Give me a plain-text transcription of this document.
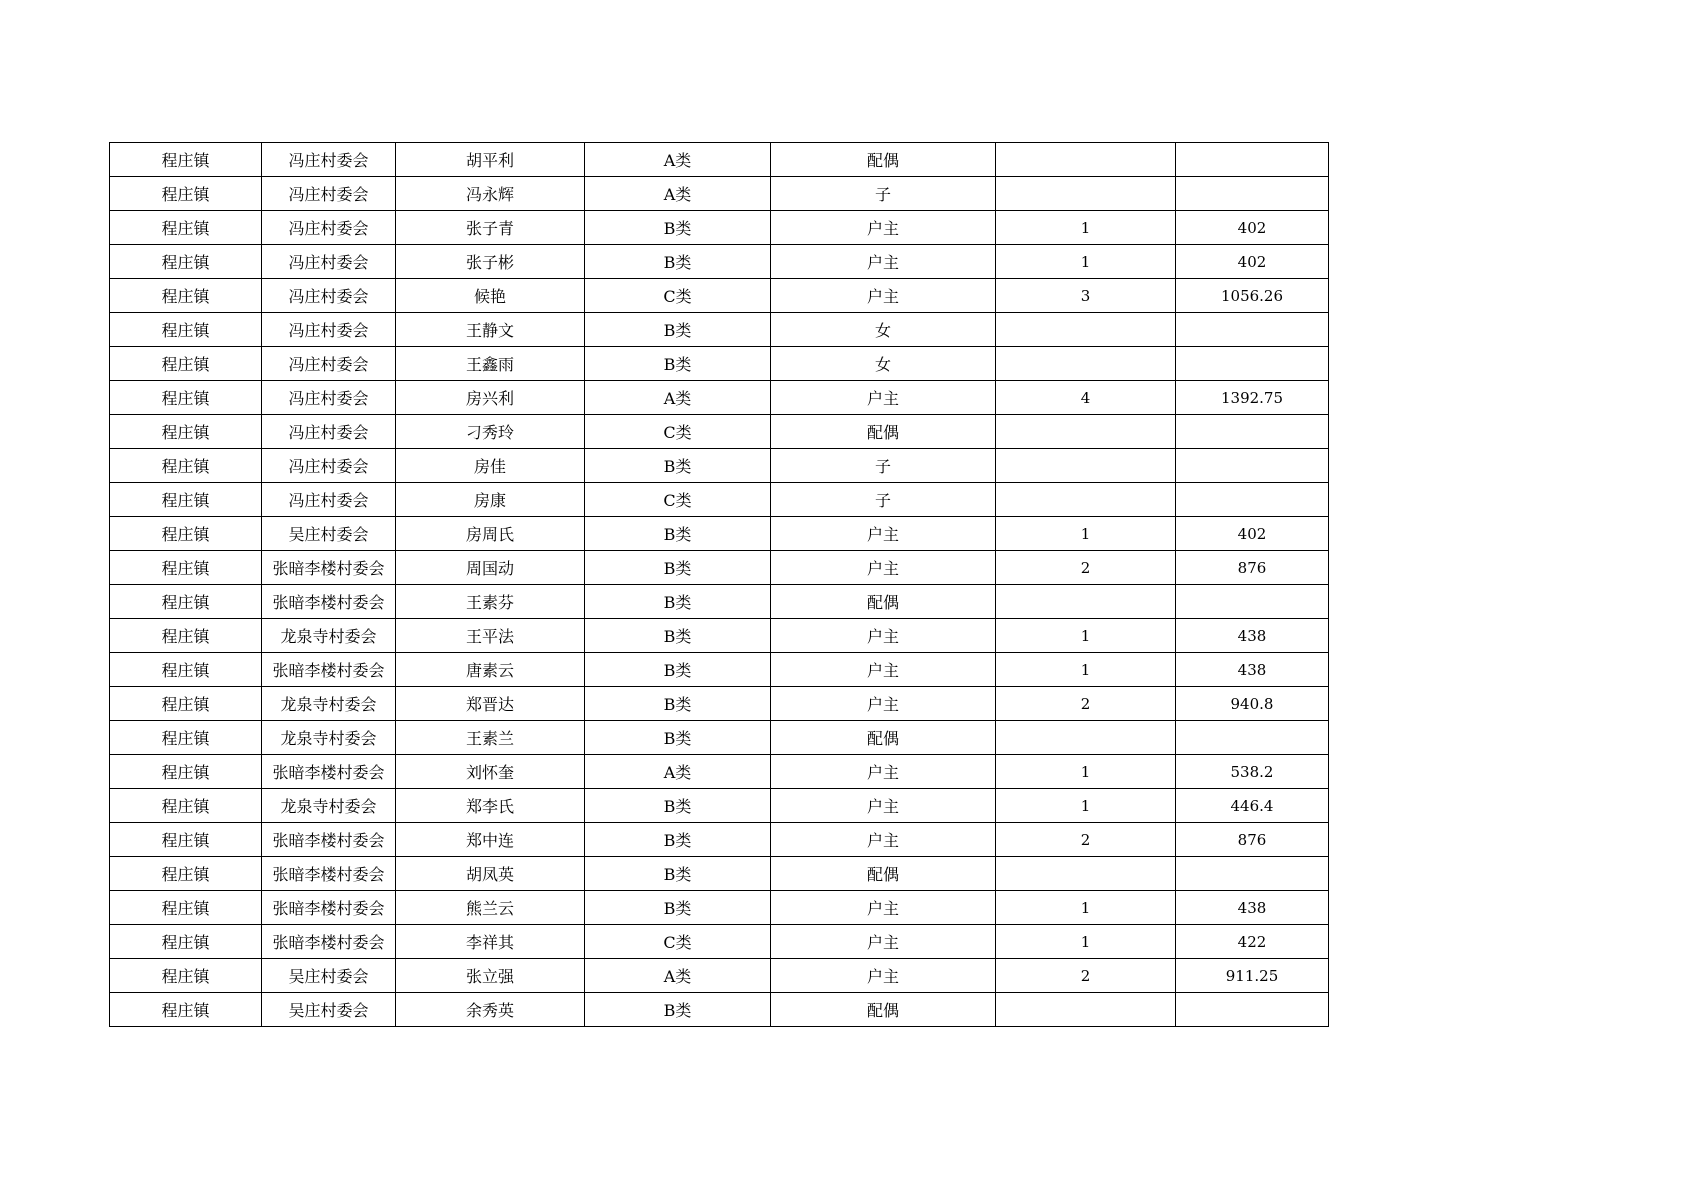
程庄镇	冯庄村委会	胡平利	A类	配偶		
程庄镇	冯庄村委会	冯永辉	A类	子		
程庄镇	冯庄村委会	张子青	B类	户主	1	402
程庄镇	冯庄村委会	张子彬	B类	户主	1	402
程庄镇	冯庄村委会	候艳	C类	户主	3	1056.26
程庄镇	冯庄村委会	王静文	B类	女		
程庄镇	冯庄村委会	王鑫雨	B类	女		
程庄镇	冯庄村委会	房兴利	A类	户主	4	1392.75
程庄镇	冯庄村委会	刁秀玲	C类	配偶		
程庄镇	冯庄村委会	房佳	B类	子		
程庄镇	冯庄村委会	房康	C类	子		
程庄镇	吴庄村委会	房周氏	B类	户主	1	402
程庄镇	张暗李楼村委会	周国动	B类	户主	2	876
程庄镇	张暗李楼村委会	王素芬	B类	配偶		
程庄镇	龙泉寺村委会	王平法	B类	户主	1	438
程庄镇	张暗李楼村委会	唐素云	B类	户主	1	438
程庄镇	龙泉寺村委会	郑晋达	B类	户主	2	940.8
程庄镇	龙泉寺村委会	王素兰	B类	配偶		
程庄镇	张暗李楼村委会	刘怀奎	A类	户主	1	538.2
程庄镇	龙泉寺村委会	郑李氏	B类	户主	1	446.4
程庄镇	张暗李楼村委会	郑中连	B类	户主	2	876
程庄镇	张暗李楼村委会	胡凤英	B类	配偶		
程庄镇	张暗李楼村委会	熊兰云	B类	户主	1	438
程庄镇	张暗李楼村委会	李祥其	C类	户主	1	422
程庄镇	吴庄村委会	张立强	A类	户主	2	911.25
程庄镇	吴庄村委会	余秀英	B类	配偶		
